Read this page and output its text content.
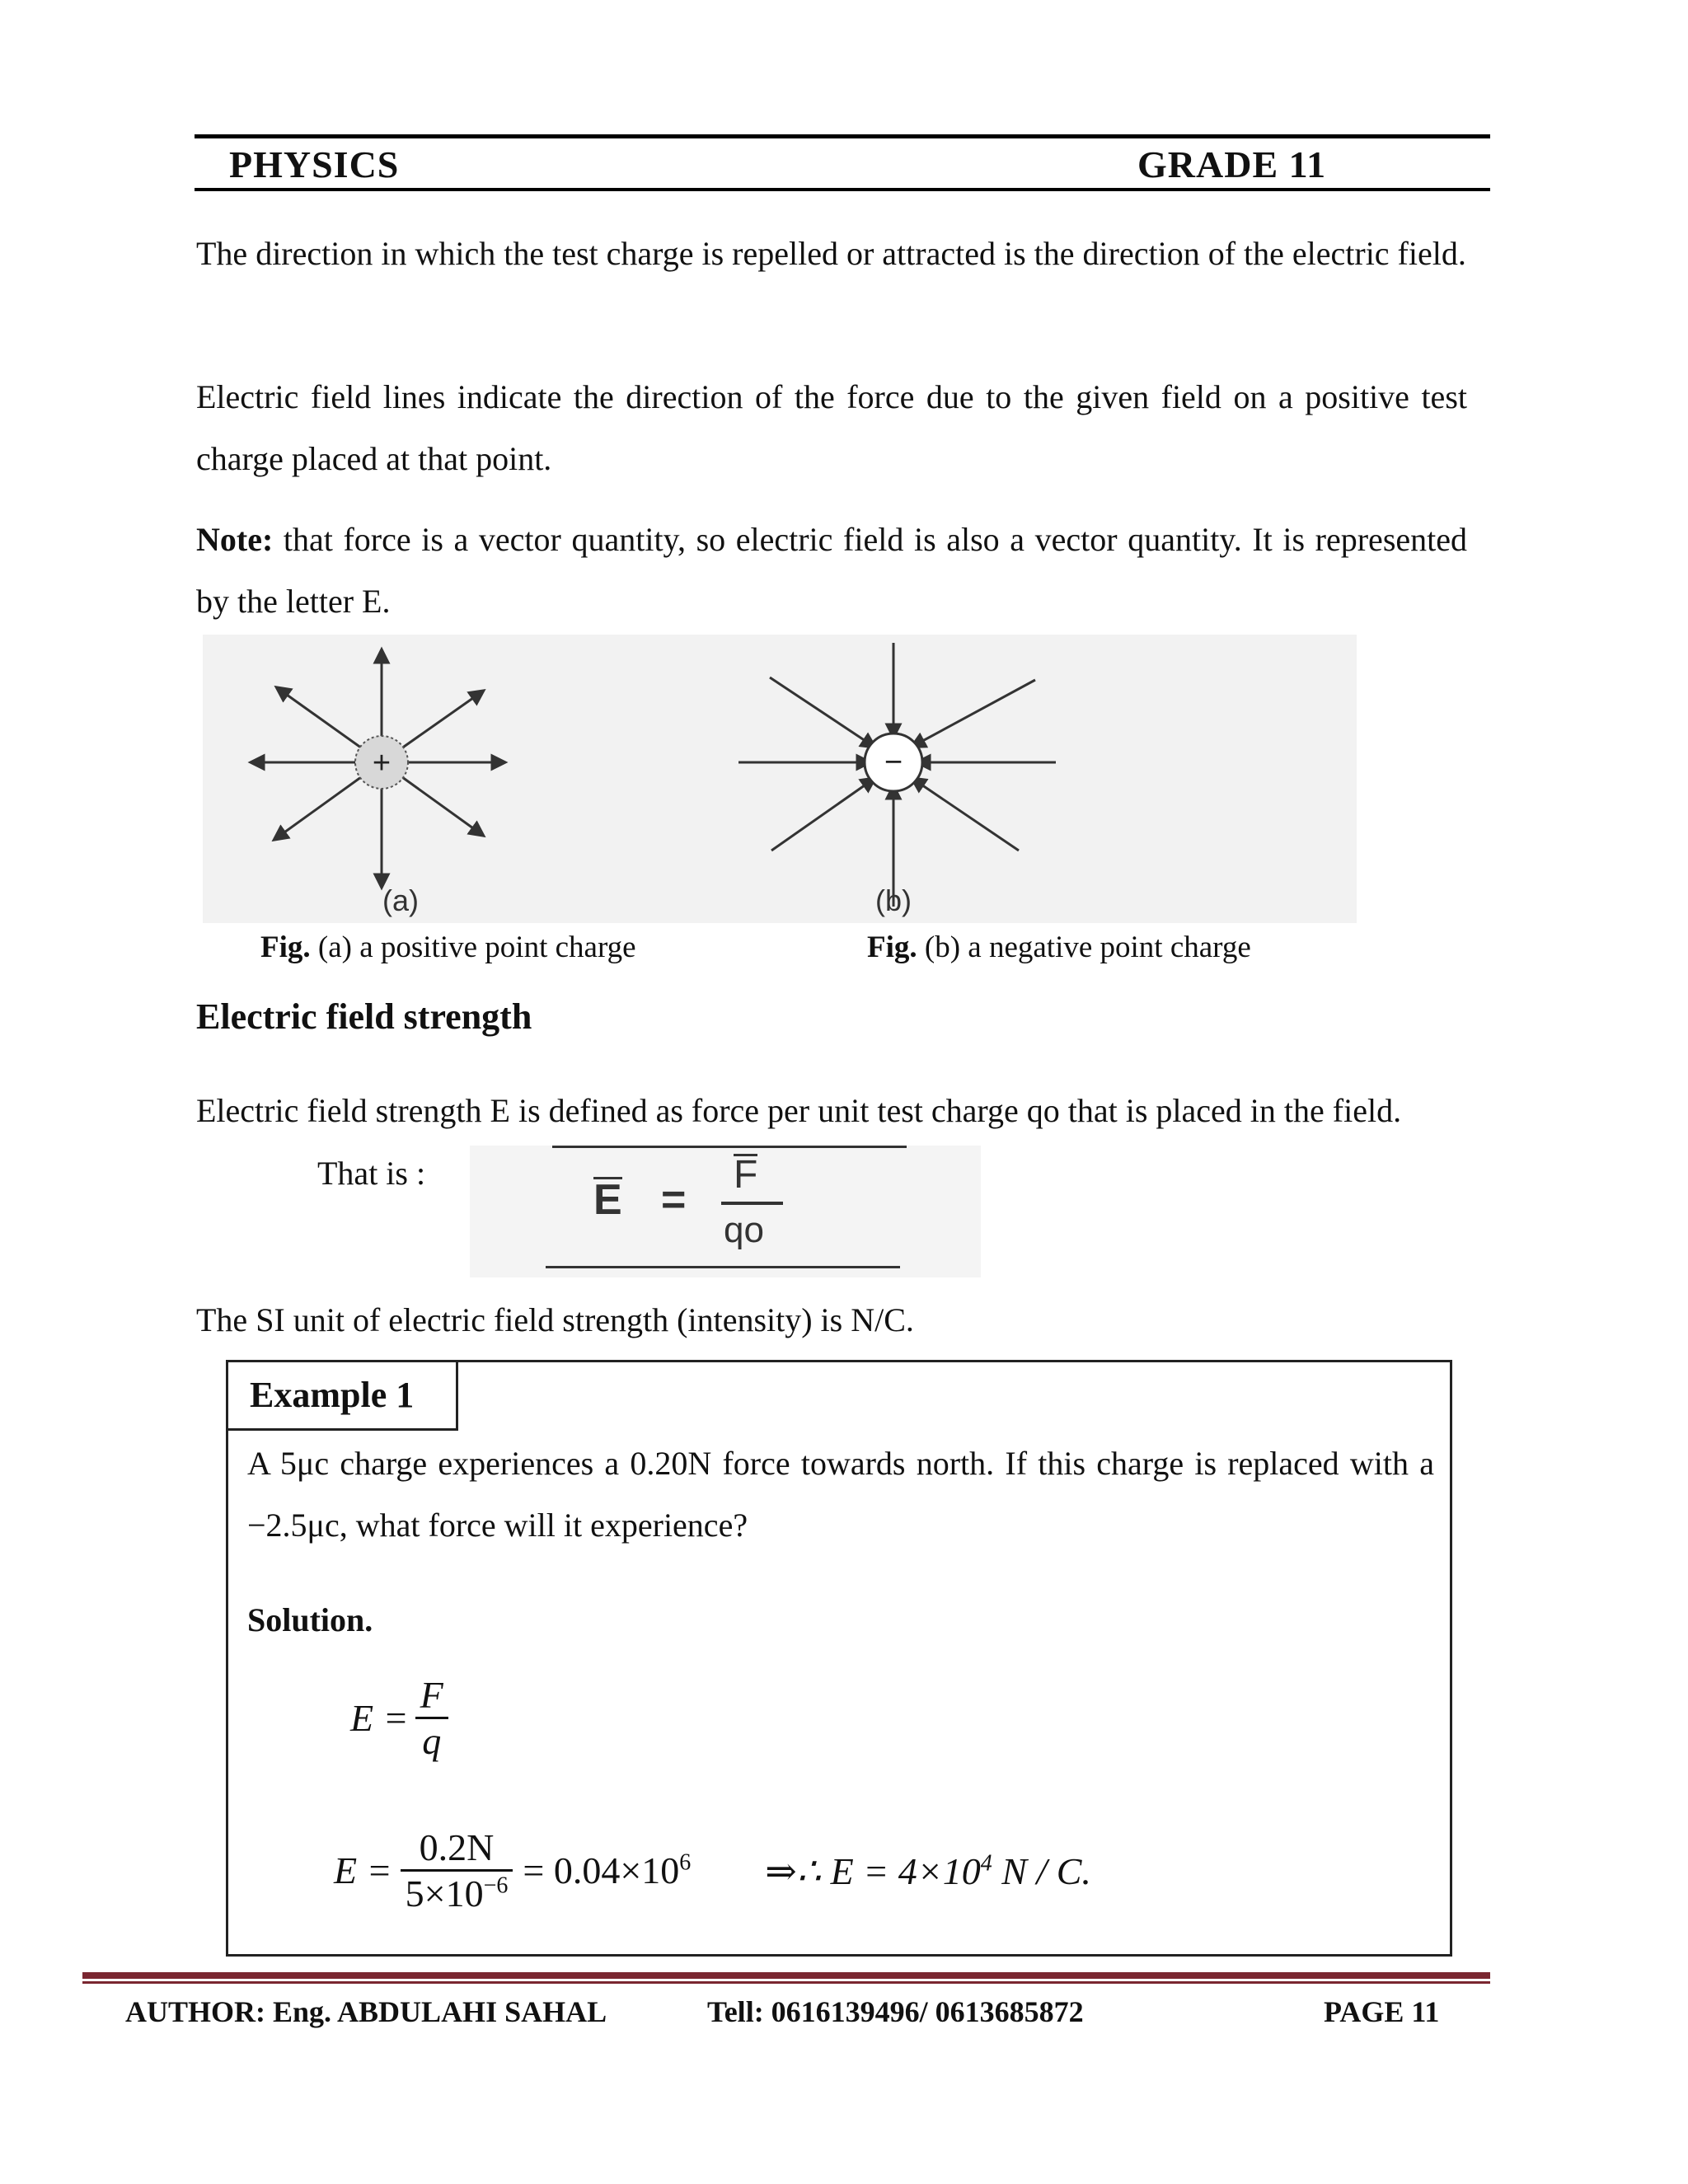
PHYSICS	GRADE 11
The direction in which the test charge is repelled or attracted is the direction of the electric field.
Electric field lines indicate the direction of the force due to the given field on a positive test charge placed at that point.
Note: that force is a vector quantity, so electric field is also a vector quantity. It is represented by the letter E.
+
(a)
−
(b)
Fig. (a) a positive point charge	Fig. (b) a negative point charge
Electric field strength
Electric field strength E is defined as force per unit test charge qo that is placed in the field.
That is :
E =
F
qo
The SI unit of electric field strength (intensity) is N/C.
Example 1
A 5μc charge experiences a 0.20N force towards north. If this charge is replaced with a −2.5μc, what force will it experience?
Solution.
$E = \frac{F}{q}$
$E = \frac{0.2N}{5\times 10^{-6}} = 0.04\times 10^6$ ⇒∴ $E = 4\times 10^4$ N / C.
AUTHOR: Eng. ABDULAHI SAHAL	Tell: 0616139496/ 0613685872	PAGE 11
